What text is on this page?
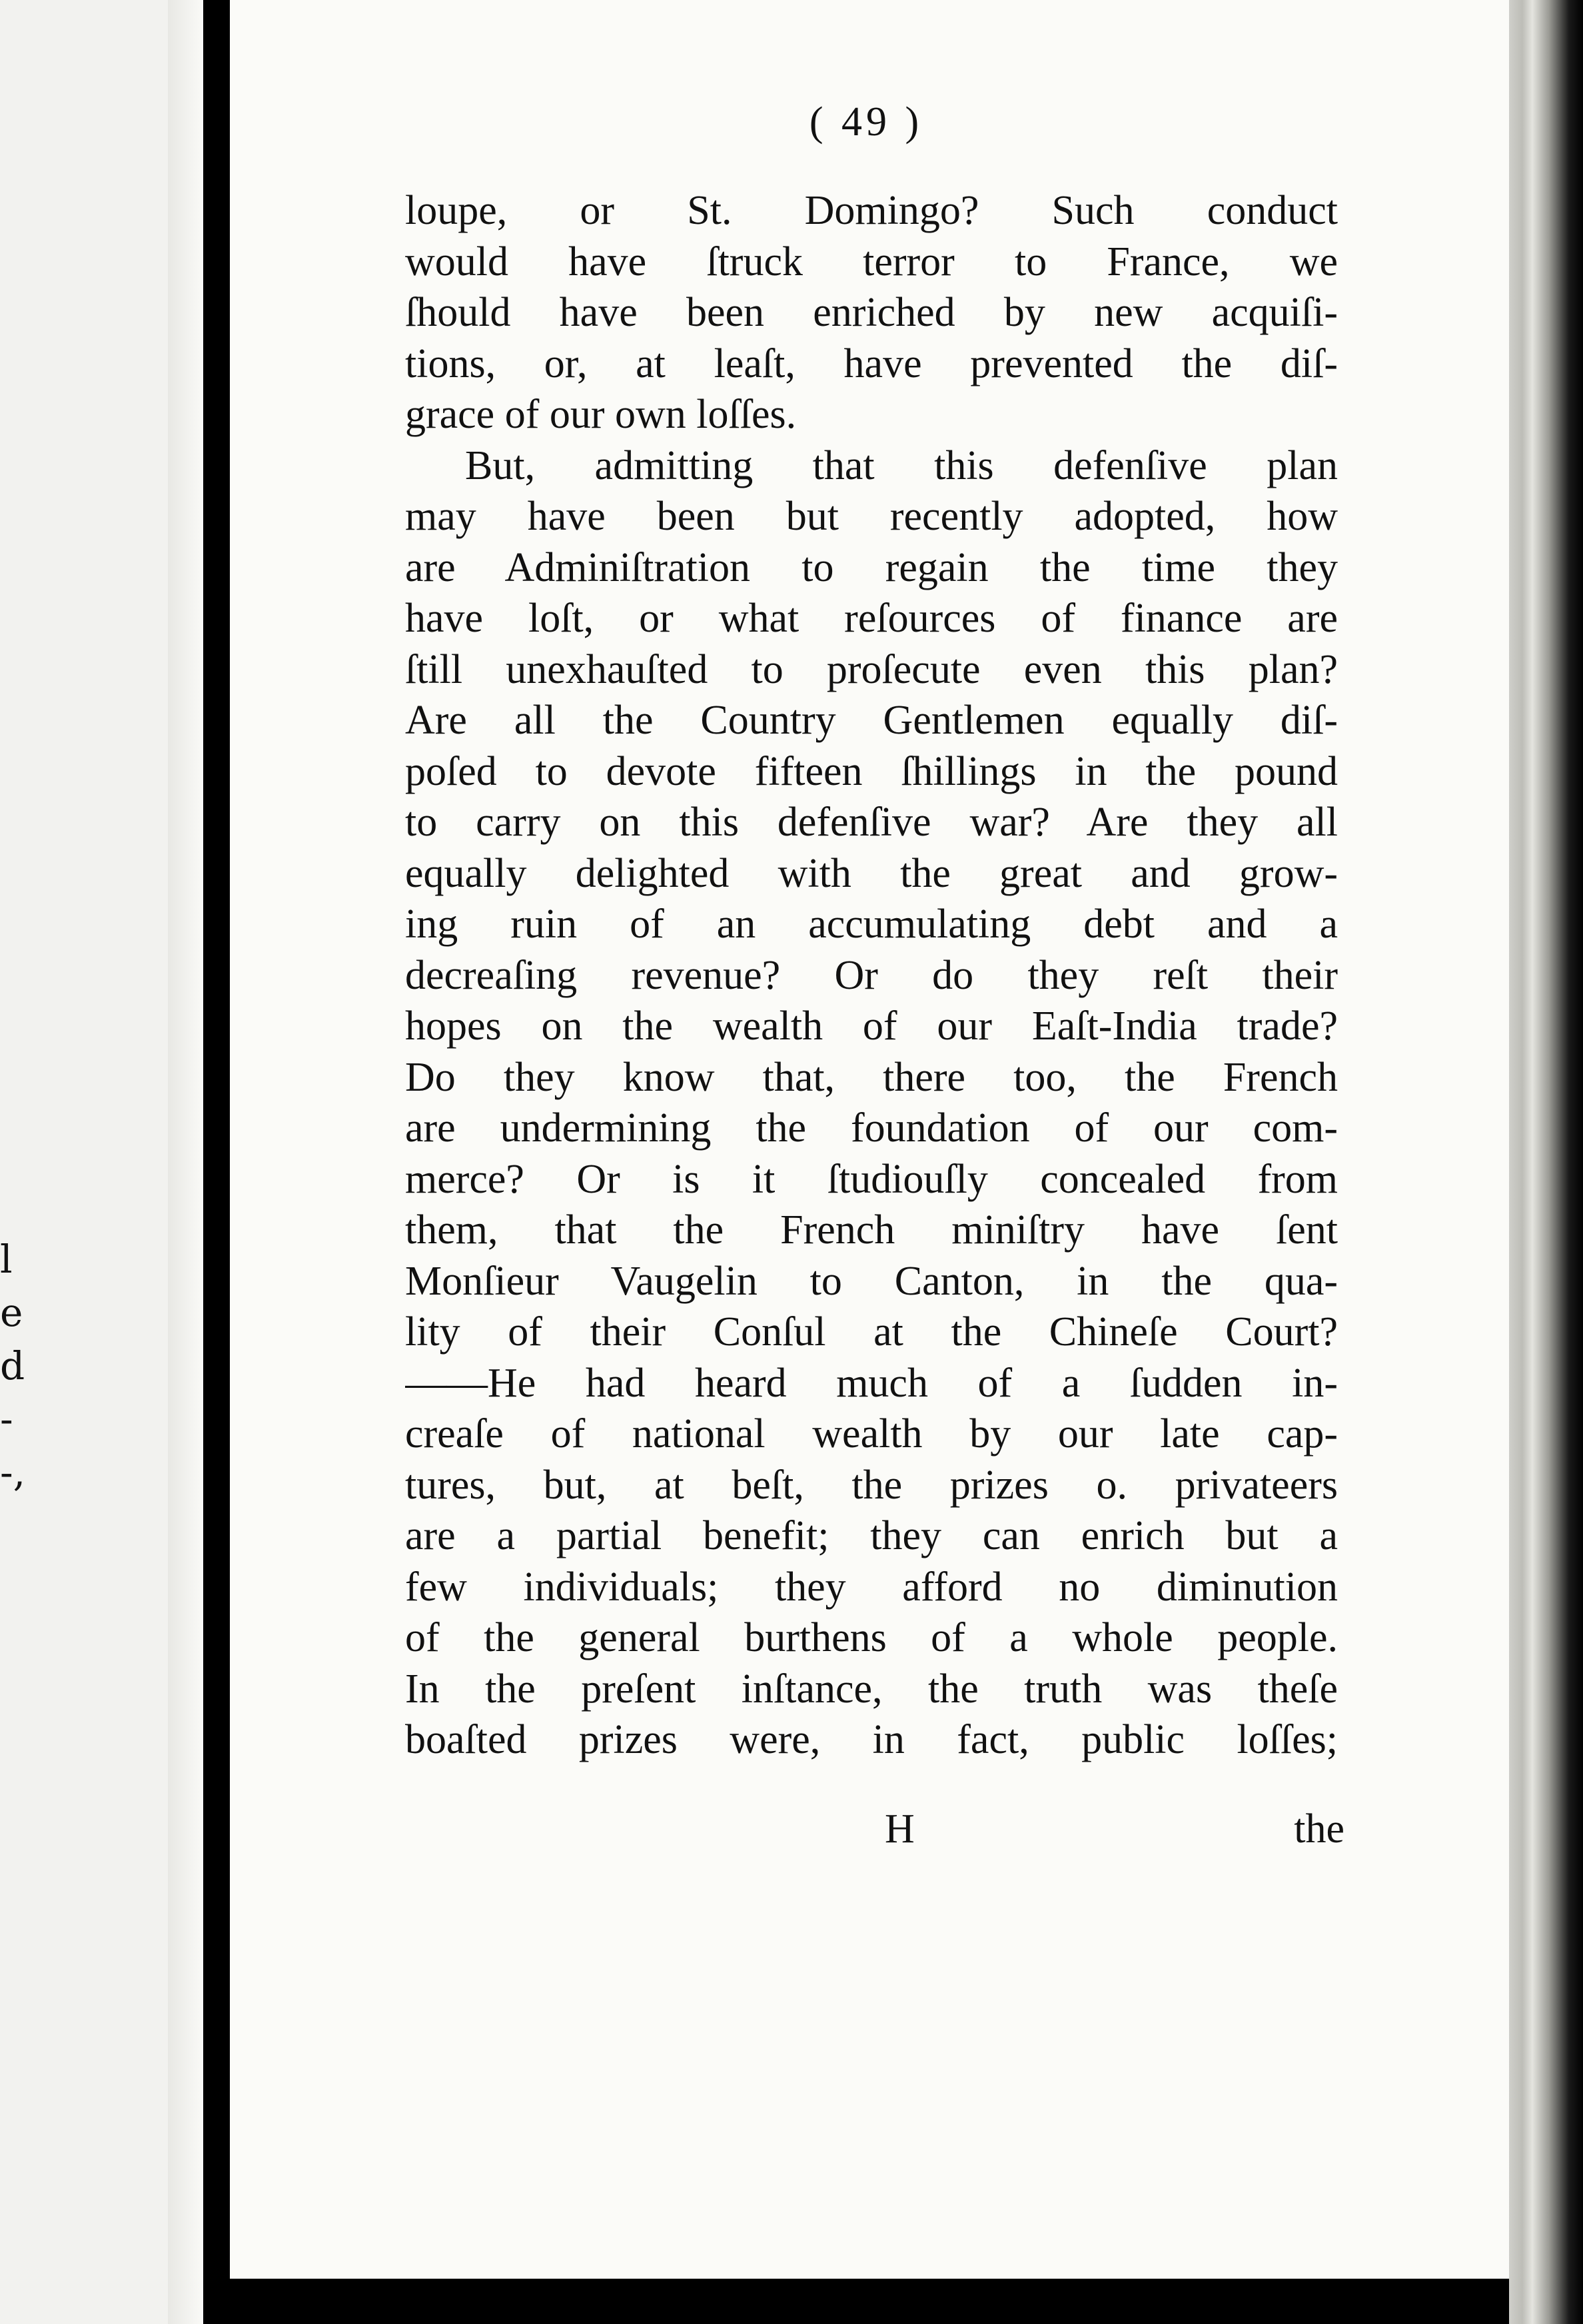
l
e
d
-
-,
( 49 )
loupe, or St. Domingo? Such conduct
would have ſtruck terror to France, we
ſhould have been enriched by new acquiſi-
tions, or, at leaſt, have prevented the diſ-
grace of our own loſſes.
But, admitting that this defenſive plan
may have been but recently adopted, how
are Adminiſtration to regain the time they
have loſt, or what reſources of finance are
ſtill unexhauſted to proſecute even this plan?
Are all the Country Gentlemen equally diſ-
poſed to devote fifteen ſhillings in the pound
to carry on this defenſive war? Are they all
equally delighted with the great and grow-
ing ruin of an accumulating debt and a
decreaſing revenue? Or do they reſt their
hopes on the wealth of our Eaſt-India trade?
Do they know that, there too, the French
are undermining the foundation of our com-
merce? Or is it ſtudiouſly concealed from
them, that the French miniſtry have ſent
Monſieur Vaugelin to Canton, in the qua-
lity of their Conſul at the Chineſe Court?
——He had heard much of a ſudden in-
creaſe of national wealth by our late cap-
tures, but, at beſt, the prizes o. privateers
are a partial benefit; they can enrich but a
few individuals; they afford no diminution
of the general burthens of a whole people.
In the preſent inſtance, the truth was theſe
boaſted prizes were, in fact, public loſſes;
H	the
